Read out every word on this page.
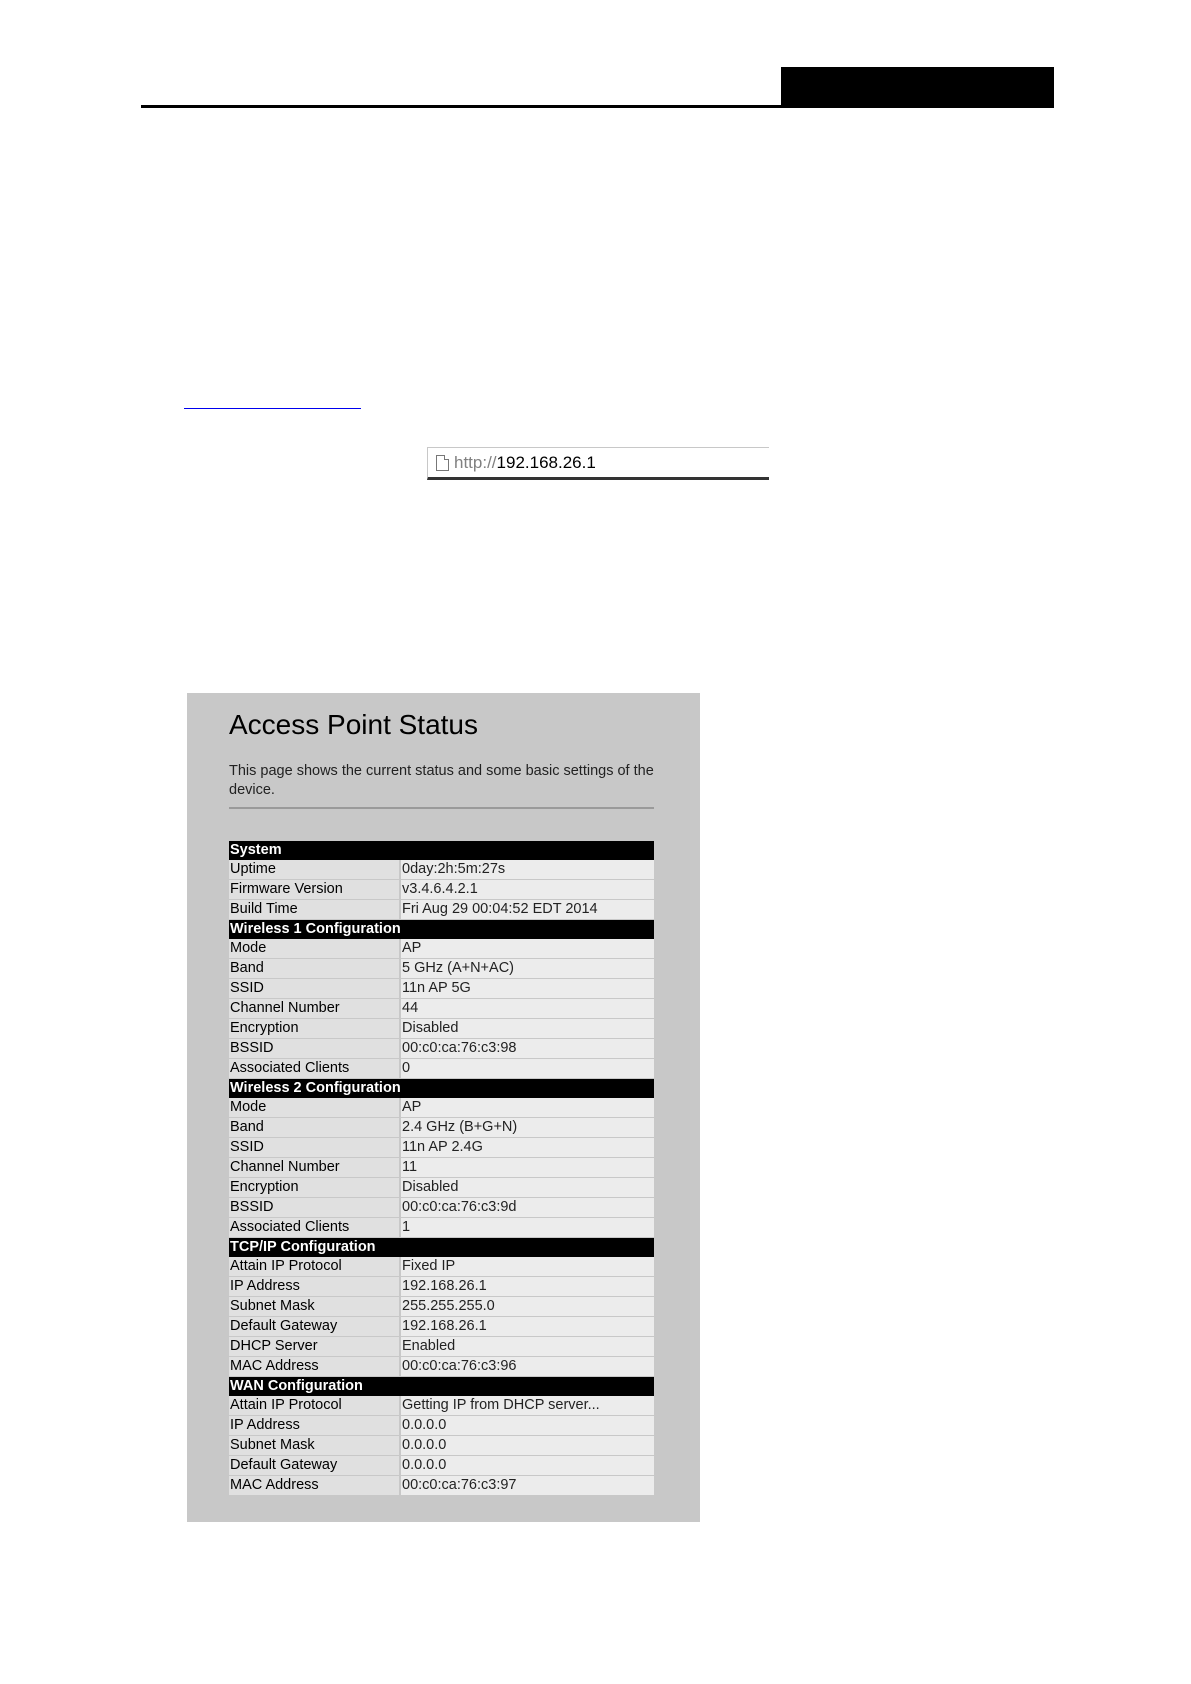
http://192.168.26.1
Access Point Status
This page shows the current status and some basic settings of the device.
System	
Uptime	0day:2h:5m:27s
Firmware Version	v3.4.6.4.2.1
Build Time	Fri Aug 29 00:04:52 EDT 2014
Wireless 1 Configuration	
Mode	AP
Band	5 GHz (A+N+AC)
SSID	11n AP 5G
Channel Number	44
Encryption	Disabled
BSSID	00:c0:ca:76:c3:98
Associated Clients	0
Wireless 2 Configuration	
Mode	AP
Band	2.4 GHz (B+G+N)
SSID	11n AP 2.4G
Channel Number	11
Encryption	Disabled
BSSID	00:c0:ca:76:c3:9d
Associated Clients	1
TCP/IP Configuration	
Attain IP Protocol	Fixed IP
IP Address	192.168.26.1
Subnet Mask	255.255.255.0
Default Gateway	192.168.26.1
DHCP Server	Enabled
MAC Address	00:c0:ca:76:c3:96
WAN Configuration	
Attain IP Protocol	Getting IP from DHCP server...
IP Address	0.0.0.0
Subnet Mask	0.0.0.0
Default Gateway	0.0.0.0
MAC Address	00:c0:ca:76:c3:97
